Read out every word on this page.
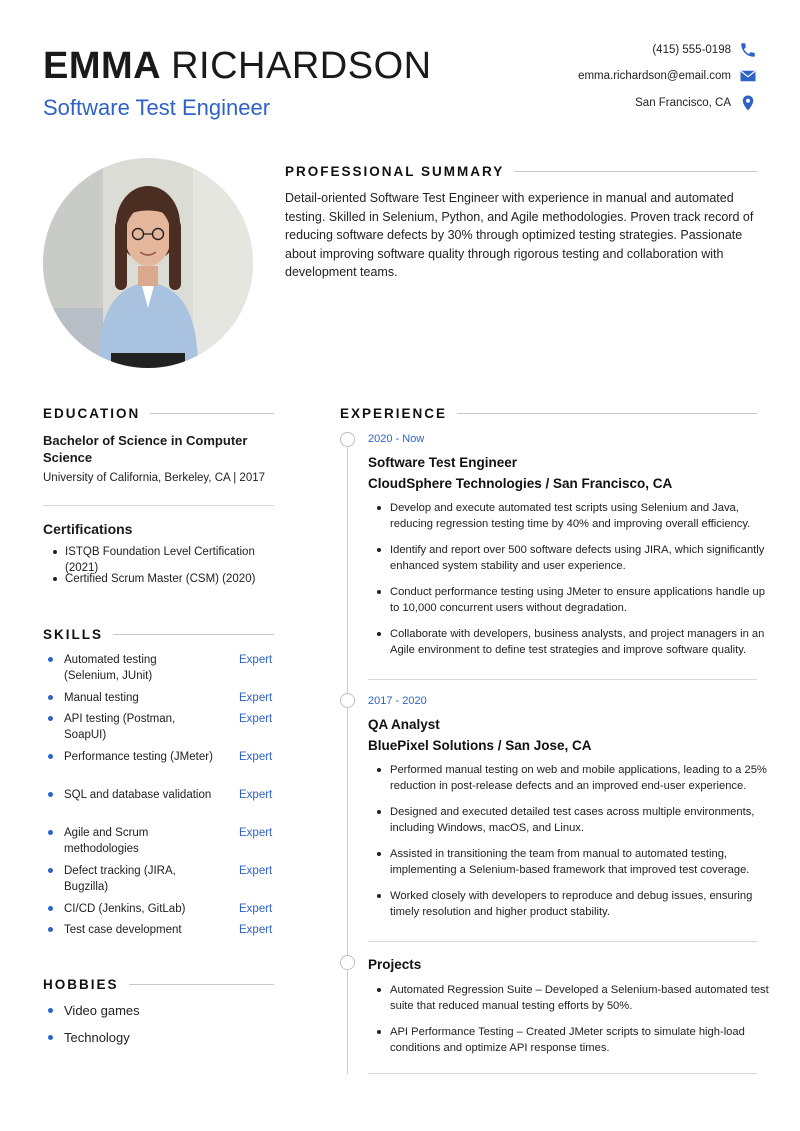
EMMA RICHARDSON
Software Test Engineer
(415) 555-0198
emma.richardson@email.com
San Francisco, CA
PROFESSIONAL SUMMARY

Detail-oriented Software Test Engineer with experience in manual and automated testing. Skilled in Selenium, Python, and Agile methodologies. Proven track record of reducing software defects by 30% through optimized testing strategies. Passionate about improving software quality through rigorous testing and collaboration with development teams.

EDUCATION
Bachelor of Science in Computer Science
University of California, Berkeley, CA | 2017
Certifications
ISTQB Foundation Level Certification (2021)
Certified Scrum Master (CSM) (2020)
SKILLS
Automated testing (Selenium, JUnit)
Expert
Manual testing	Expert
API testing (Postman, SoapUI)
Expert
Performance testing (JMeter) Expert
SQL and database validation Expert
Agile and Scrum methodologies
Expert
Defect tracking (JIRA, Bugzilla)
Expert
CI/CD (Jenkins, GitLab)	Expert
Test case development	Expert
HOBBIES
Video games
Technology
EXPERIENCE
2020 - Now
Software Test Engineer
CloudSphere Technologies / San Francisco, CA
Develop and execute automated test scripts using Selenium and Java, reducing regression testing time by 40% and improving overall efficiency.
Identify and report over 500 software defects using JIRA, which significantly enhanced system stability and user experience.
Conduct performance testing using JMeter to ensure applications handle up to 10,000 concurrent users without degradation.
Collaborate with developers, business analysts, and project managers in an Agile environment to define test strategies and improve software quality.
2017 - 2020
QA Analyst
BluePixel Solutions / San Jose, CA
Performed manual testing on web and mobile applications, leading to a 25% reduction in post-release defects and an improved end-user experience.
Designed and executed detailed test cases across multiple environments, including Windows, macOS, and Linux.
Assisted in transitioning the team from manual to automated testing, implementing a Selenium-based framework that improved test coverage.
Worked closely with developers to reproduce and debug issues, ensuring timely resolution and higher product stability.
Projects
Automated Regression Suite – Developed a Selenium-based automated test suite that reduced manual testing efforts by 50%.
API Performance Testing – Created JMeter scripts to simulate high-load conditions and optimize API response times.
